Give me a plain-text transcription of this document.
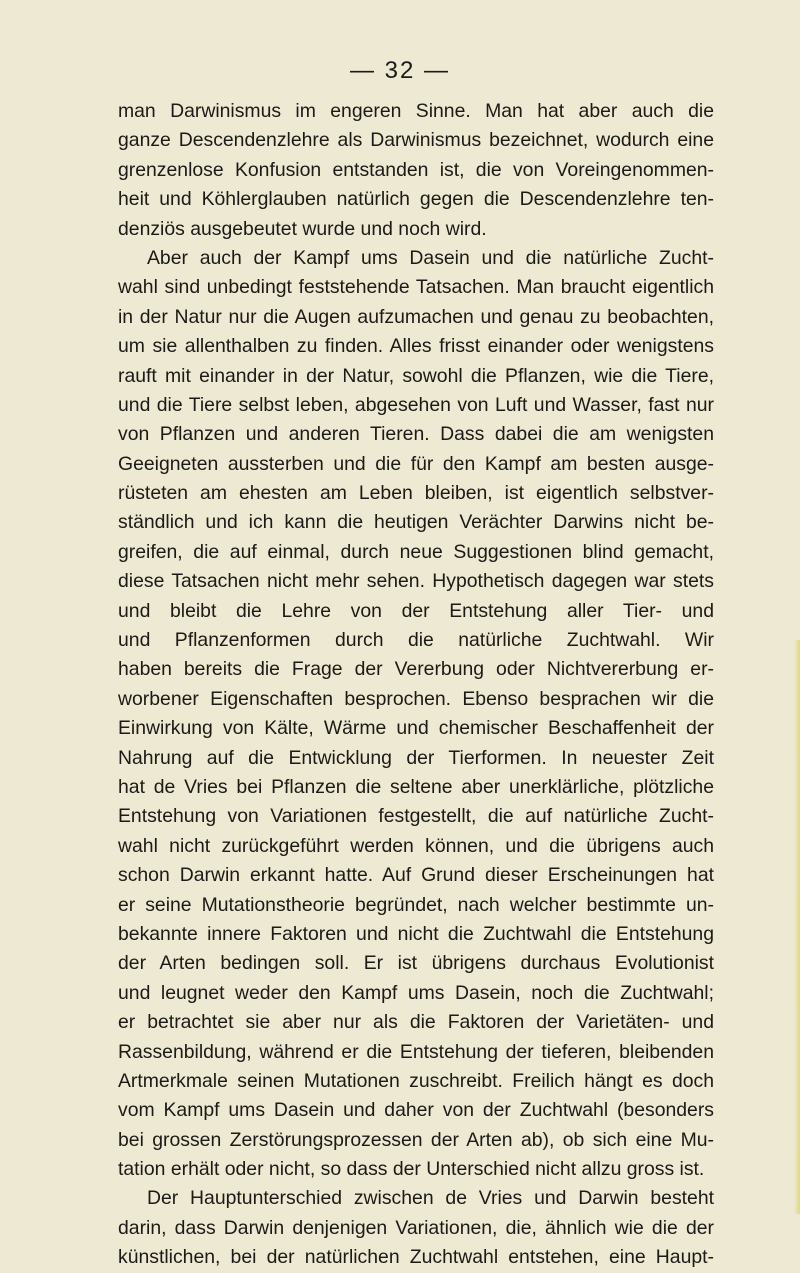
— 32 —
man Darwinismus im engeren Sinne. Man hat aber auch die
ganze Descendenzlehre als Darwinismus bezeichnet, wodurch eine
grenzenlose Konfusion entstanden ist, die von Voreingenommen-
heit und Köhlerglauben natürlich gegen die Descendenzlehre ten-
denziös ausgebeutet wurde und noch wird.
Aber auch der Kampf ums Dasein und die natürliche Zucht-
wahl sind unbedingt feststehende Tatsachen. Man braucht eigentlich
in der Natur nur die Augen aufzumachen und genau zu beobachten,
um sie allenthalben zu finden. Alles frisst einander oder wenigstens
rauft mit einander in der Natur, sowohl die Pflanzen, wie die Tiere,
und die Tiere selbst leben, abgesehen von Luft und Wasser, fast nur
von Pflanzen und anderen Tieren. Dass dabei die am wenigsten
Geeigneten aussterben und die für den Kampf am besten ausge-
rüsteten am ehesten am Leben bleiben, ist eigentlich selbstver-
ständlich und ich kann die heutigen Verächter Darwins nicht be-
greifen, die auf einmal, durch neue Suggestionen blind gemacht,
diese Tatsachen nicht mehr sehen. Hypothetisch dagegen war stets
und bleibt die Lehre von der Entstehung aller Tier- und
und Pflanzenformen durch die natürliche Zuchtwahl. Wir
haben bereits die Frage der Vererbung oder Nichtvererbung er-
worbener Eigenschaften besprochen. Ebenso besprachen wir die
Einwirkung von Kälte, Wärme und chemischer Beschaffenheit der
Nahrung auf die Entwicklung der Tierformen. In neuester Zeit
hat de Vries bei Pflanzen die seltene aber unerklärliche, plötzliche
Entstehung von Variationen festgestellt, die auf natürliche Zucht-
wahl nicht zurückgeführt werden können, und die übrigens auch
schon Darwin erkannt hatte. Auf Grund dieser Erscheinungen hat
er seine Mutationstheorie begründet, nach welcher bestimmte un-
bekannte innere Faktoren und nicht die Zuchtwahl die Entstehung
der Arten bedingen soll. Er ist übrigens durchaus Evolutionist
und leugnet weder den Kampf ums Dasein, noch die Zuchtwahl;
er betrachtet sie aber nur als die Faktoren der Varietäten- und
Rassenbildung, während er die Entstehung der tieferen, bleibenden
Artmerkmale seinen Mutationen zuschreibt. Freilich hängt es doch
vom Kampf ums Dasein und daher von der Zuchtwahl (besonders
bei grossen Zerstörungsprozessen der Arten ab), ob sich eine Mu-
tation erhält oder nicht, so dass der Unterschied nicht allzu gross ist.
Der Hauptunterschied zwischen de Vries und Darwin besteht
darin, dass Darwin denjenigen Variationen, die, ähnlich wie die der
künstlichen, bei der natürlichen Zuchtwahl entstehen, eine Haupt-
